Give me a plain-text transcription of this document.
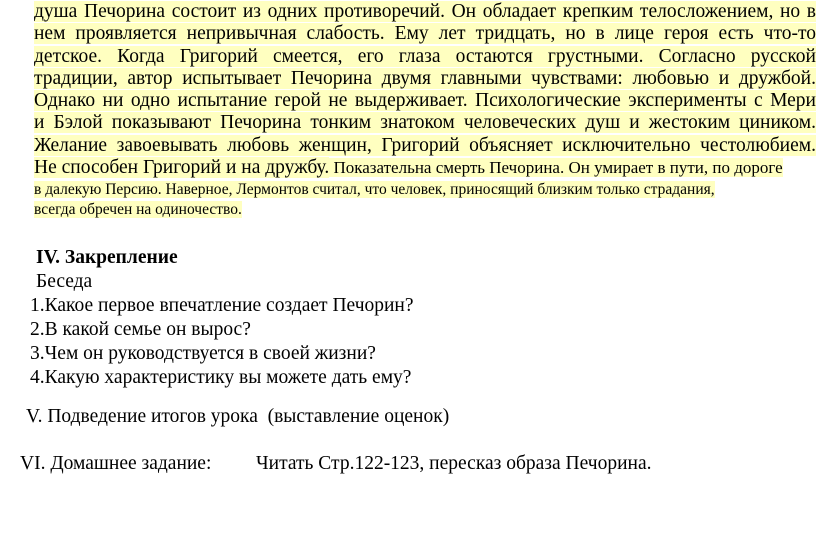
душа Печорина состоит из одних противоречий. Он обладает крепким телосложением, но в
нем проявляется непривычная слабость. Ему лет тридцать, но в лице героя есть что-то
детское. Когда Григорий смеется, его глаза остаются грустными. Согласно русской
традиции, автор испытывает Печорина двумя главными чувствами: любовью и дружбой.
Однако ни одно испытание герой не выдерживает. Психологические эксперименты с Мери
и Бэлой показывают Печорина тонким знатоком человеческих душ и жестоким циником.
Желание завоевывать любовь женщин, Григорий объясняет исключительно честолюбием.
Не способен Григорий и на дружбу. Показательна смерть Печорина. Он умирает в пути, по дороге
в далекую Персию. Наверное, Лермонтов считал, что человек, приносящий близким только страдания,
всегда обречен на одиночество.
IV. Закрепление
Беседа
1.Какое первое впечатление создает Печорин?
2.В какой семье он вырос?
3.Чем он руководствуется в своей жизни?
4.Какую характеристику вы можете дать ему?
V. Подведение итогов урока  (выставление оценок)
VI. Домашнее задание: Читать Стр.122-123, пересказ образа Печорина.
